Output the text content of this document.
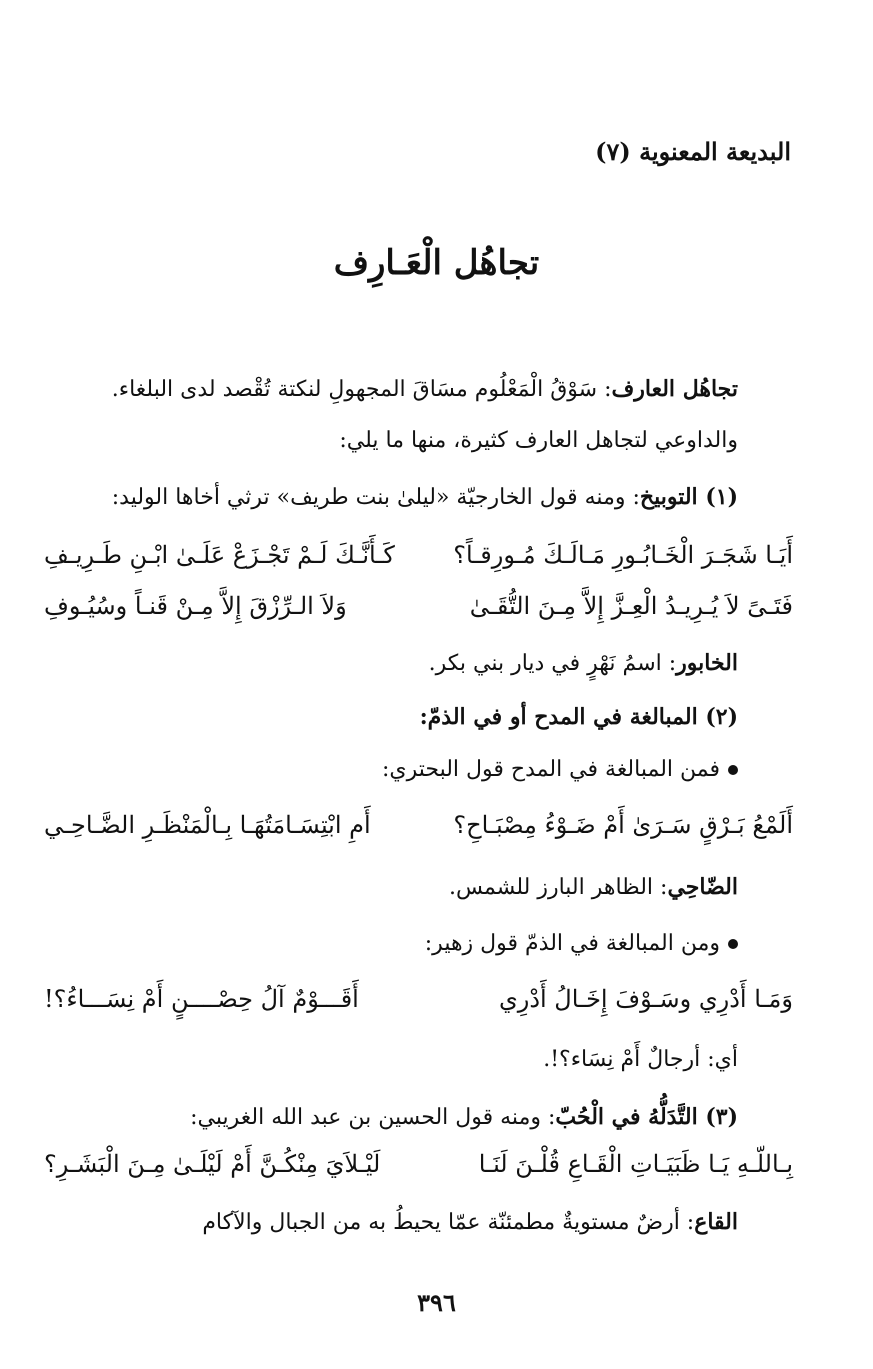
البديعة المعنوية (٧)
تجاهُل الْعَـارِف
تجاهُل العارف: سَوْقُ الْمَعْلُوم مسَاقَ المجهولِ لنكتة تُقْصد لدى البلغاء.
والداوعي لتجاهل العارف كثيرة، منها ما يلي:
(١) التوبيخ: ومنه قول الخارجيّة «ليلىٰ بنت طريف» ترثي أخاها الوليد:
أَيَـا شَجَـرَ الْخَـابُـورِ مَـالَـكَ مُـورِقـاً؟
كَـأَنَّـكَ لَـمْ تَجْـزَعْ عَلَـىٰ ابْـنِ طَـرِيـفِ
فَتَـىً لاَ يُـرِيـدُ الْعِـزَّ إِلاَّ مِـنَ التُّقَـىٰ
وَلاَ الـرِّزْقَ إِلاَّ مِـنْ قَنـاً وسُيُـوفِ
الخابور: اسمُ نَهْرٍ في ديار بني بكر.
(٢) المبالغة في المدح أو في الذمّ:
فمن المبالغة في المدح قول البحتري:
أَلَمْعُ بَـرْقٍ سَـرَىٰ أَمْ ضَـوْءُ مِصْبَـاحِ؟
أَمِ ابْتِسَـامَتُهَـا بِـالْمَنْظَـرِ الضَّـاحِـي
الضّاحِي: الظاهر البارز للشمس.
ومن المبالغة في الذمّ قول زهير:
وَمَـا أَدْرِي وسَـوْفَ إِخَـالُ أَدْرِي
أَقَـــوْمٌ آلُ حِصْــــنٍ أَمْ نِسَـــاءُ؟!
أي: أرجالٌ أَمْ نِسَاء؟!.
(٣) التَّدَلُّهُ في الْحُبّ: ومنه قول الحسين بن عبد الله الغريبي:
بِـاللّـهِ يَـا ظَبَيَـاتِ الْقَـاعِ قُلْـنَ لَنَـا
لَيْـلاَيَ مِنْكُـنَّ أَمْ لَيْلَـىٰ مِـنَ الْبَشَـرِ؟
القاع: أرضٌ مستويةٌ مطمئنّة عمّا يحيطُ به من الجبال والآكام
٣٩٦
